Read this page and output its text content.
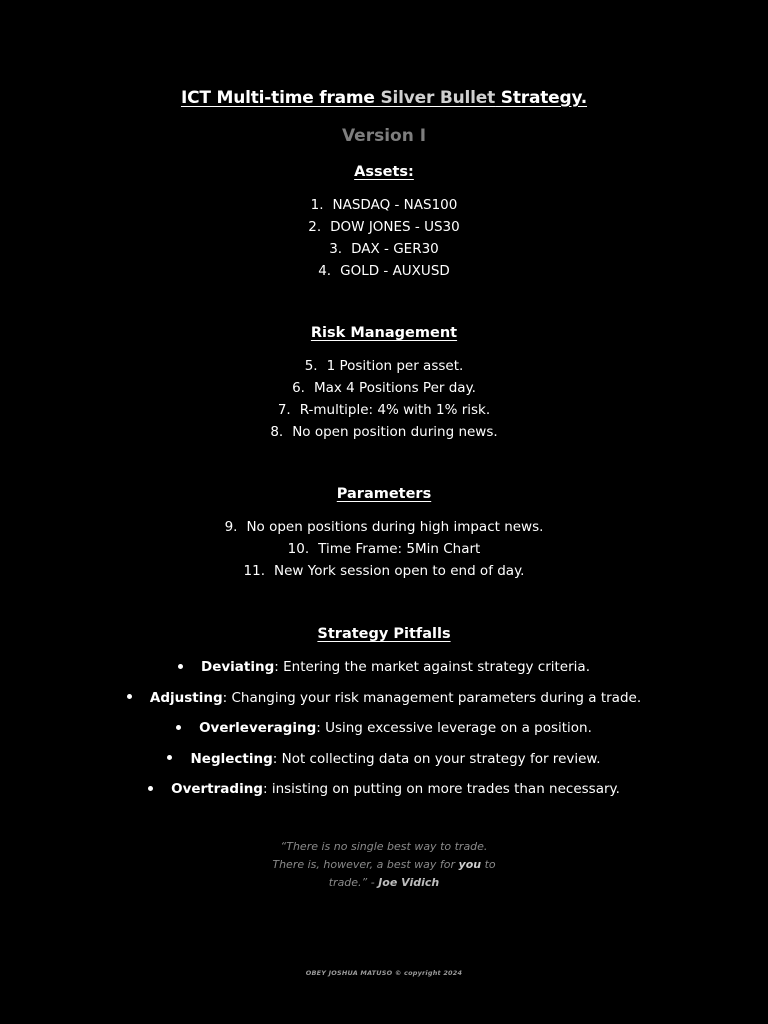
ICT Multi-time frame Silver Bullet Strategy.
Version I
Assets:
1. NASDAQ - NAS100
2. DOW JONES - US30
3. DAX - GER30
4. GOLD - AUXUSD
Risk Management
5. 1 Position per asset.
6. Max 4 Positions Per day.
7. R-multiple: 4% with 1% risk.
8. No open position during news.
Parameters
9. No open positions during high impact news.
10. Time Frame: 5Min Chart
11. New York session open to end of day.
Strategy Pitfalls
Deviating: Entering the market against strategy criteria.
Adjusting: Changing your risk management parameters during a trade.
Overleveraging: Using excessive leverage on a position.
Neglecting: Not collecting data on your strategy for review.
Overtrading: insisting on putting on more trades than necessary.
“There is no single best way to trade.
There is, however, a best way for you to
trade.” - Joe Vidich
OBEY JOSHUA MATUSO © copyright 2024
